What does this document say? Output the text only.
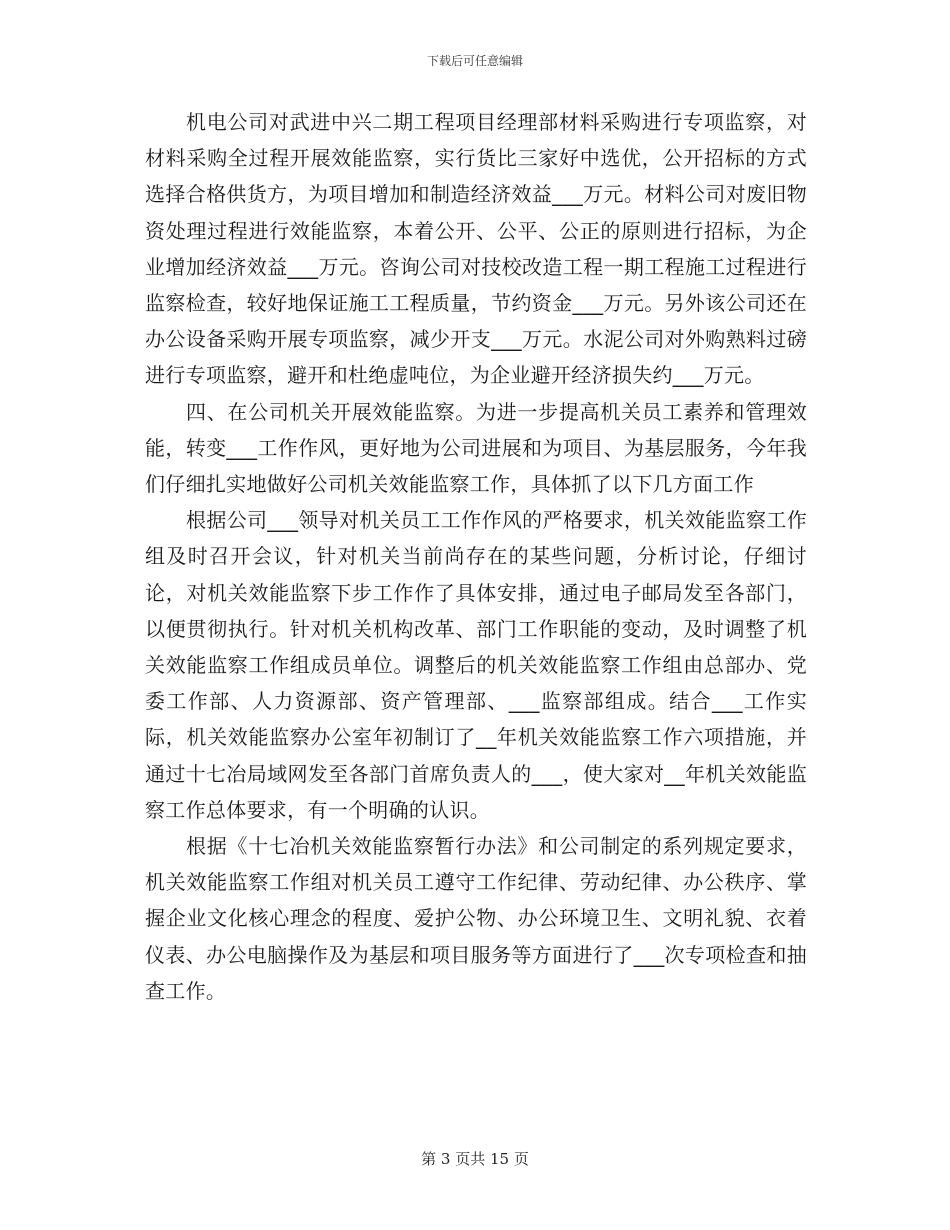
下载后可任意编辑

机电公司对武进中兴二期工程项目经理部材料采购进行专项监察，对材料采购全过程开展效能监察，实行货比三家好中选优，公开招标的方式选择合格供货方，为项目增加和制造经济效益___万元。材料公司对废旧物资处理过程进行效能监察，本着公开、公平、公正的原则进行招标，为企业增加经济效益___万元。咨询公司对技校改造工程一期工程施工过程进行监察检查，较好地保证施工工程质量，节约资金___万元。另外该公司还在办公设备采购开展专项监察，减少开支___万元。水泥公司对外购熟料过磅进行专项监察，避开和杜绝虚吨位，为企业避开经济损失约___万元。

四、在公司机关开展效能监察。为进一步提高机关员工素养和管理效能，转变___工作作风，更好地为公司进展和为项目、为基层服务，今年我们仔细扎实地做好公司机关效能监察工作，具体抓了以下几方面工作

根据公司___领导对机关员工工作作风的严格要求，机关效能监察工作组及时召开会议，针对机关当前尚存在的某些问题，分析讨论，仔细讨论，对机关效能监察下步工作作了具体安排，通过电子邮局发至各部门，以便贯彻执行。针对机关机构改革、部门工作职能的变动，及时调整了机关效能监察工作组成员单位。调整后的机关效能监察工作组由总部办、党委工作部、人力资源部、资产管理部、___监察部组成。结合___工作实际，机关效能监察办公室年初制订了__年机关效能监察工作六项措施，并通过十七冶局域网发至各部门首席负责人的___，使大家对__年机关效能监察工作总体要求，有一个明确的认识。

根据《十七冶机关效能监察暂行办法》和公司制定的系列规定要求，机关效能监察工作组对机关员工遵守工作纪律、劳动纪律、办公秩序、掌握企业文化核心理念的程度、爱护公物、办公环境卫生、文明礼貌、衣着仪表、办公电脑操作及为基层和项目服务等方面进行了___次专项检查和抽查工作。

第 3 页共 15 页
